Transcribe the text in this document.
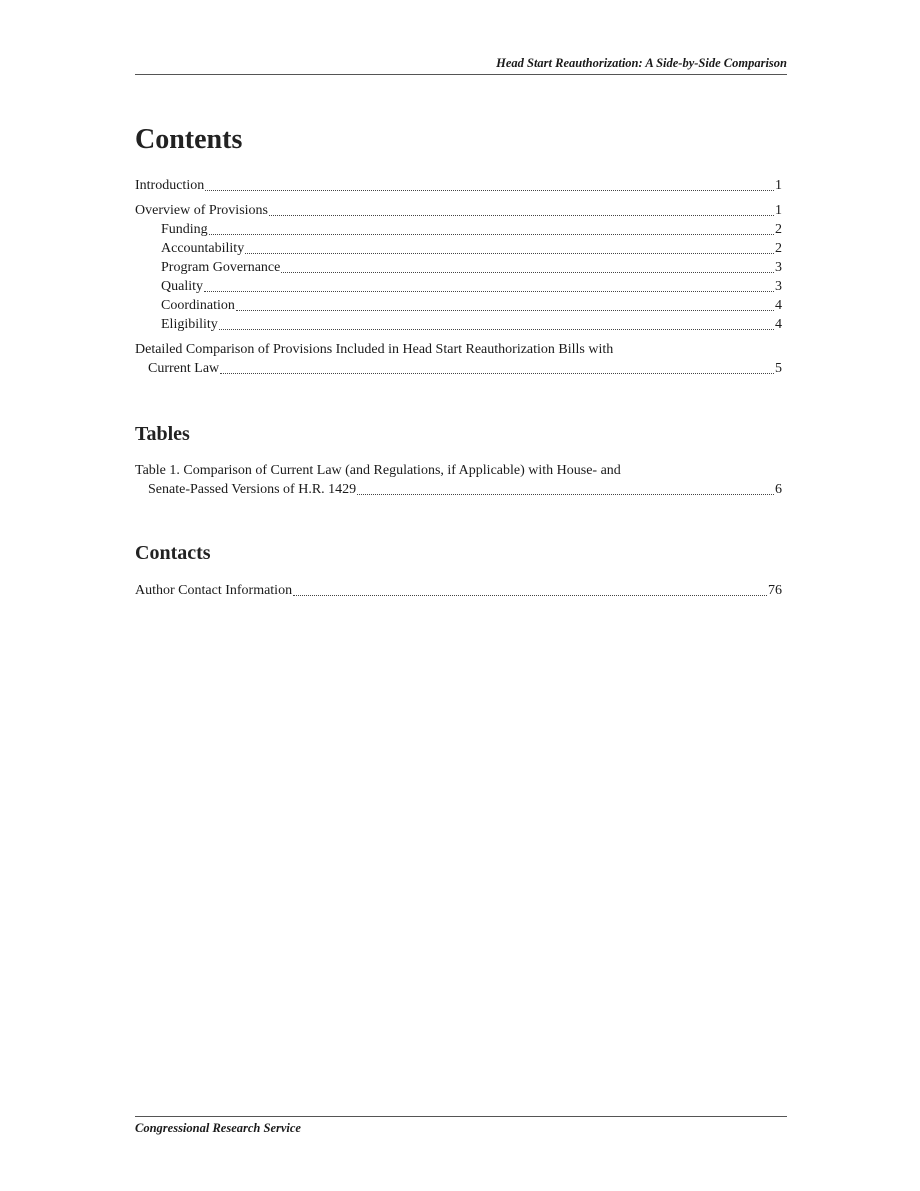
Head Start Reauthorization: A Side-by-Side Comparison
Contents
Introduction	1
Overview of Provisions	1
Funding	2
Accountability	2
Program Governance	3
Quality	3
Coordination	4
Eligibility	4
Detailed Comparison of Provisions Included in Head Start Reauthorization Bills with
Current Law	5
Tables
Table 1. Comparison of Current Law (and Regulations, if Applicable) with House- and
Senate-Passed Versions of H.R. 1429	6
Contacts
Author Contact Information	76
Congressional Research Service
